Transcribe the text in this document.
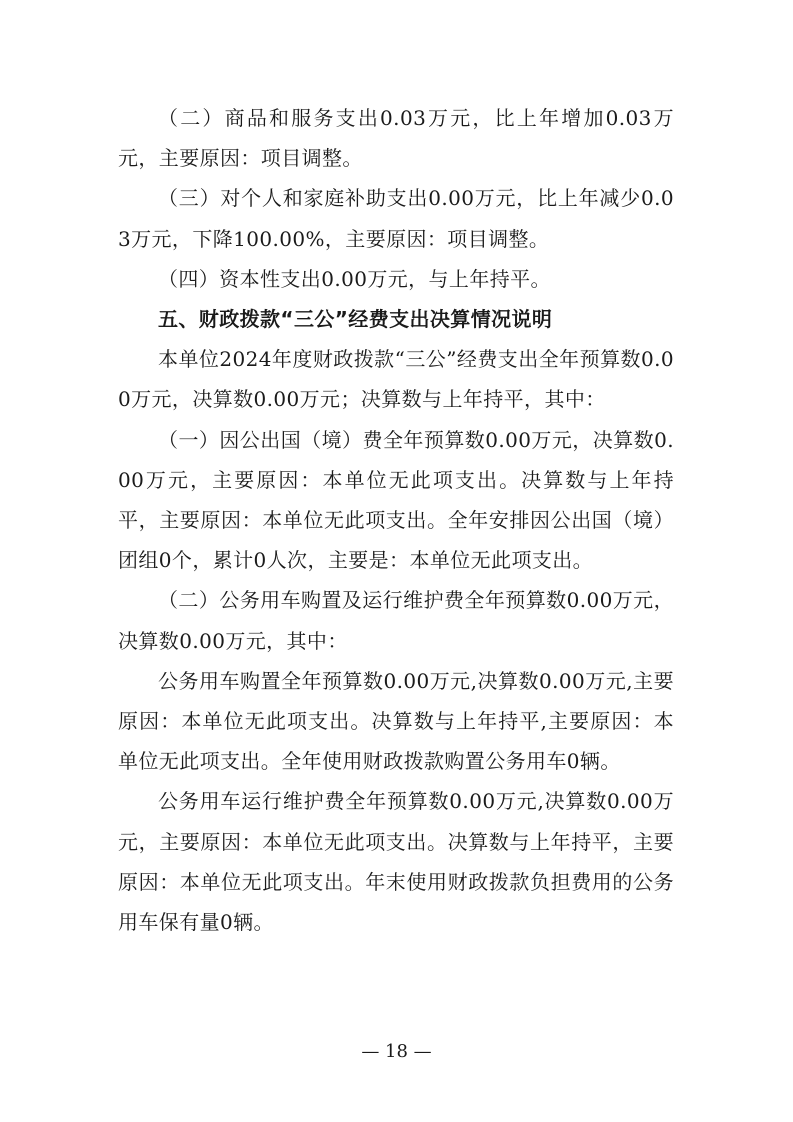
（二）商品和服务支出0.03万元，比上年增加0.03万元，主要原因：项目调整。

（三）对个人和家庭补助支出0.00万元，比上年减少0.03万元，下降100.00%，主要原因：项目调整。

（四）资本性支出0.00万元，与上年持平。

五、财政拨款“三公”经费支出决算情况说明

本单位2024年度财政拨款“三公”经费支出全年预算数0.00万元，决算数0.00万元；决算数与上年持平，其中：

（一）因公出国（境）费全年预算数0.00万元，决算数0.00万元，主要原因：本单位无此项支出。决算数与上年持平，主要原因：本单位无此项支出。全年安排因公出国（境）团组0个，累计0人次，主要是：本单位无此项支出。

（二）公务用车购置及运行维护费全年预算数0.00万元，决算数0.00万元，其中：

公务用车购置全年预算数0.00万元,决算数0.00万元,主要原因：本单位无此项支出。决算数与上年持平,主要原因：本单位无此项支出。全年使用财政拨款购置公务用车0辆。

公务用车运行维护费全年预算数0.00万元,决算数0.00万元，主要原因：本单位无此项支出。决算数与上年持平，主要原因：本单位无此项支出。年末使用财政拨款负担费用的公务用车保有量0辆。

— 18 —
